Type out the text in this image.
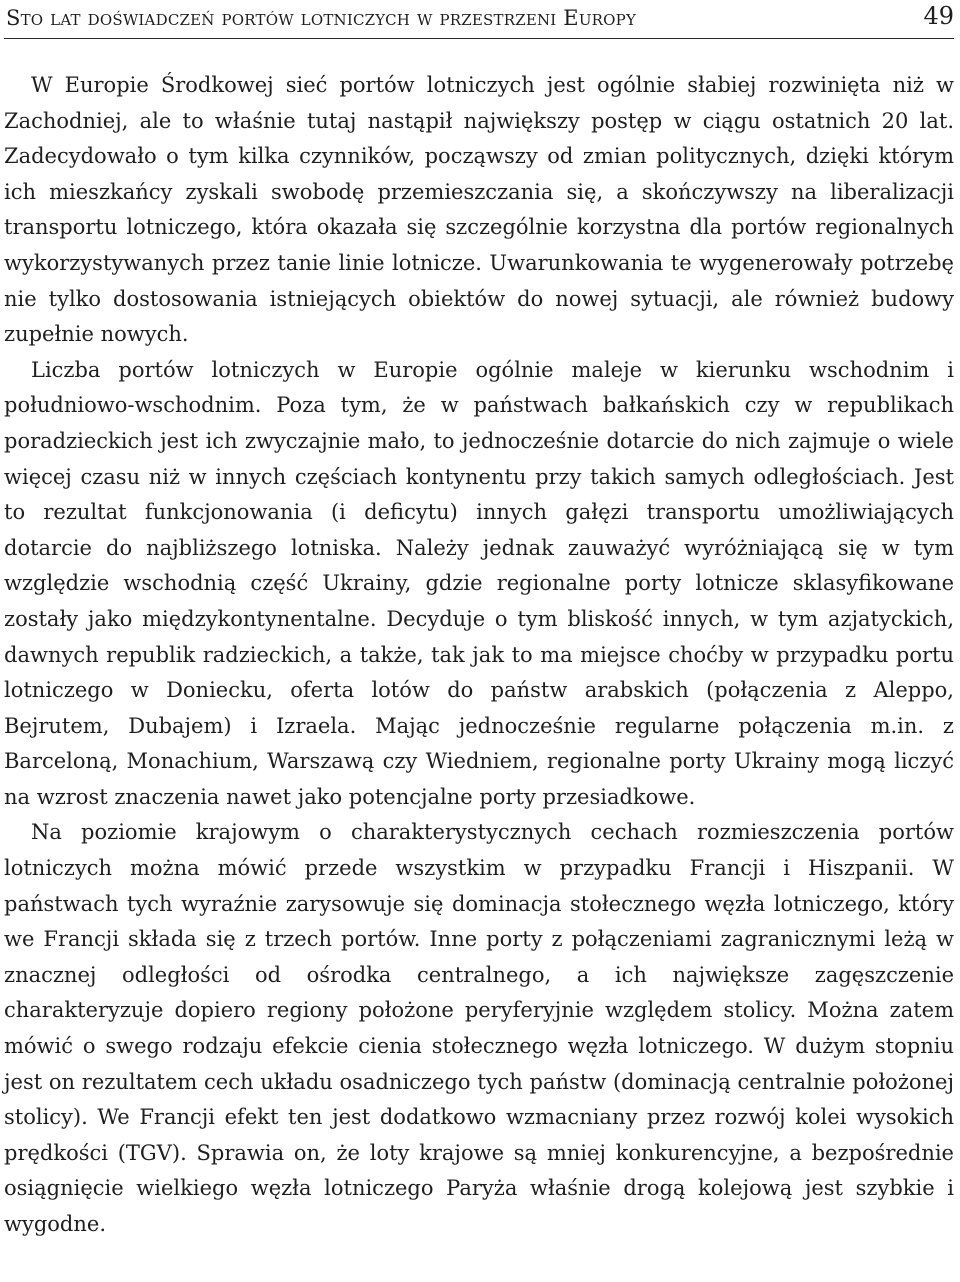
Sto lat doświadczeń portów lotniczych w przestrzeni Europy	49

W Europie Środkowej sieć portów lotniczych jest ogólnie słabiej rozwinięta niż w Zachodniej, ale to właśnie tutaj nastąpił największy postęp w ciągu ostatnich 20 lat. Zadecydowało o tym kilka czynników, począwszy od zmian politycznych, dzięki którym ich mieszkańcy zyskali swobodę przemieszczania się, a skończywszy na liberalizacji transportu lotniczego, która okazała się szczególnie korzystna dla portów regionalnych wykorzystywanych przez tanie linie lotnicze. Uwarunkowania te wygenerowały potrzebę nie tylko dostosowania istniejących obiektów do nowej sytuacji, ale również budowy zupełnie nowych.

Liczba portów lotniczych w Europie ogólnie maleje w kierunku wschodnim i południowo-wschodnim. Poza tym, że w państwach bałkańskich czy w republikach poradzieckich jest ich zwyczajnie mało, to jednocześnie dotarcie do nich zajmuje o wiele więcej czasu niż w innych częściach kontynentu przy takich samych odległościach. Jest to rezultat funkcjonowania (i deficytu) innych gałęzi transportu umożliwiających dotarcie do najbliższego lotniska. Należy jednak zauważyć wyróżniającą się w tym względzie wschodnią część Ukrainy, gdzie regionalne porty lotnicze sklasyfikowane zostały jako międzykontynentalne. Decyduje o tym bliskość innych, w tym azjatyckich, dawnych republik radzieckich, a także, tak jak to ma miejsce choćby w przypadku portu lotniczego w Doniecku, oferta lotów do państw arabskich (połączenia z Aleppo, Bejrutem, Dubajem) i Izraela. Mając jednocześnie regularne połączenia m.in. z Barceloną, Monachium, Warszawą czy Wiedniem, regionalne porty Ukrainy mogą liczyć na wzrost znaczenia nawet jako potencjalne porty przesiadkowe.

Na poziomie krajowym o charakterystycznych cechach rozmieszczenia portów lotniczych można mówić przede wszystkim w przypadku Francji i Hiszpanii. W państwach tych wyraźnie zarysowuje się dominacja stołecznego węzła lotniczego, który we Francji składa się z trzech portów. Inne porty z połączeniami zagranicznymi leżą w znacznej odległości od ośrodka centralnego, a ich największe zagęszczenie charakteryzuje dopiero regiony położone peryferyjnie względem stolicy. Można zatem mówić o swego rodzaju efekcie cienia stołecznego węzła lotniczego. W dużym stopniu jest on rezultatem cech układu osadniczego tych państw (dominacją centralnie położonej stolicy). We Francji efekt ten jest dodatkowo wzmacniany przez rozwój kolei wysokich prędkości (TGV). Sprawia on, że loty krajowe są mniej konkurencyjne, a bezpośrednie osiągnięcie wielkiego węzła lotniczego Paryża właśnie drogą kolejową jest szybkie i wygodne.
